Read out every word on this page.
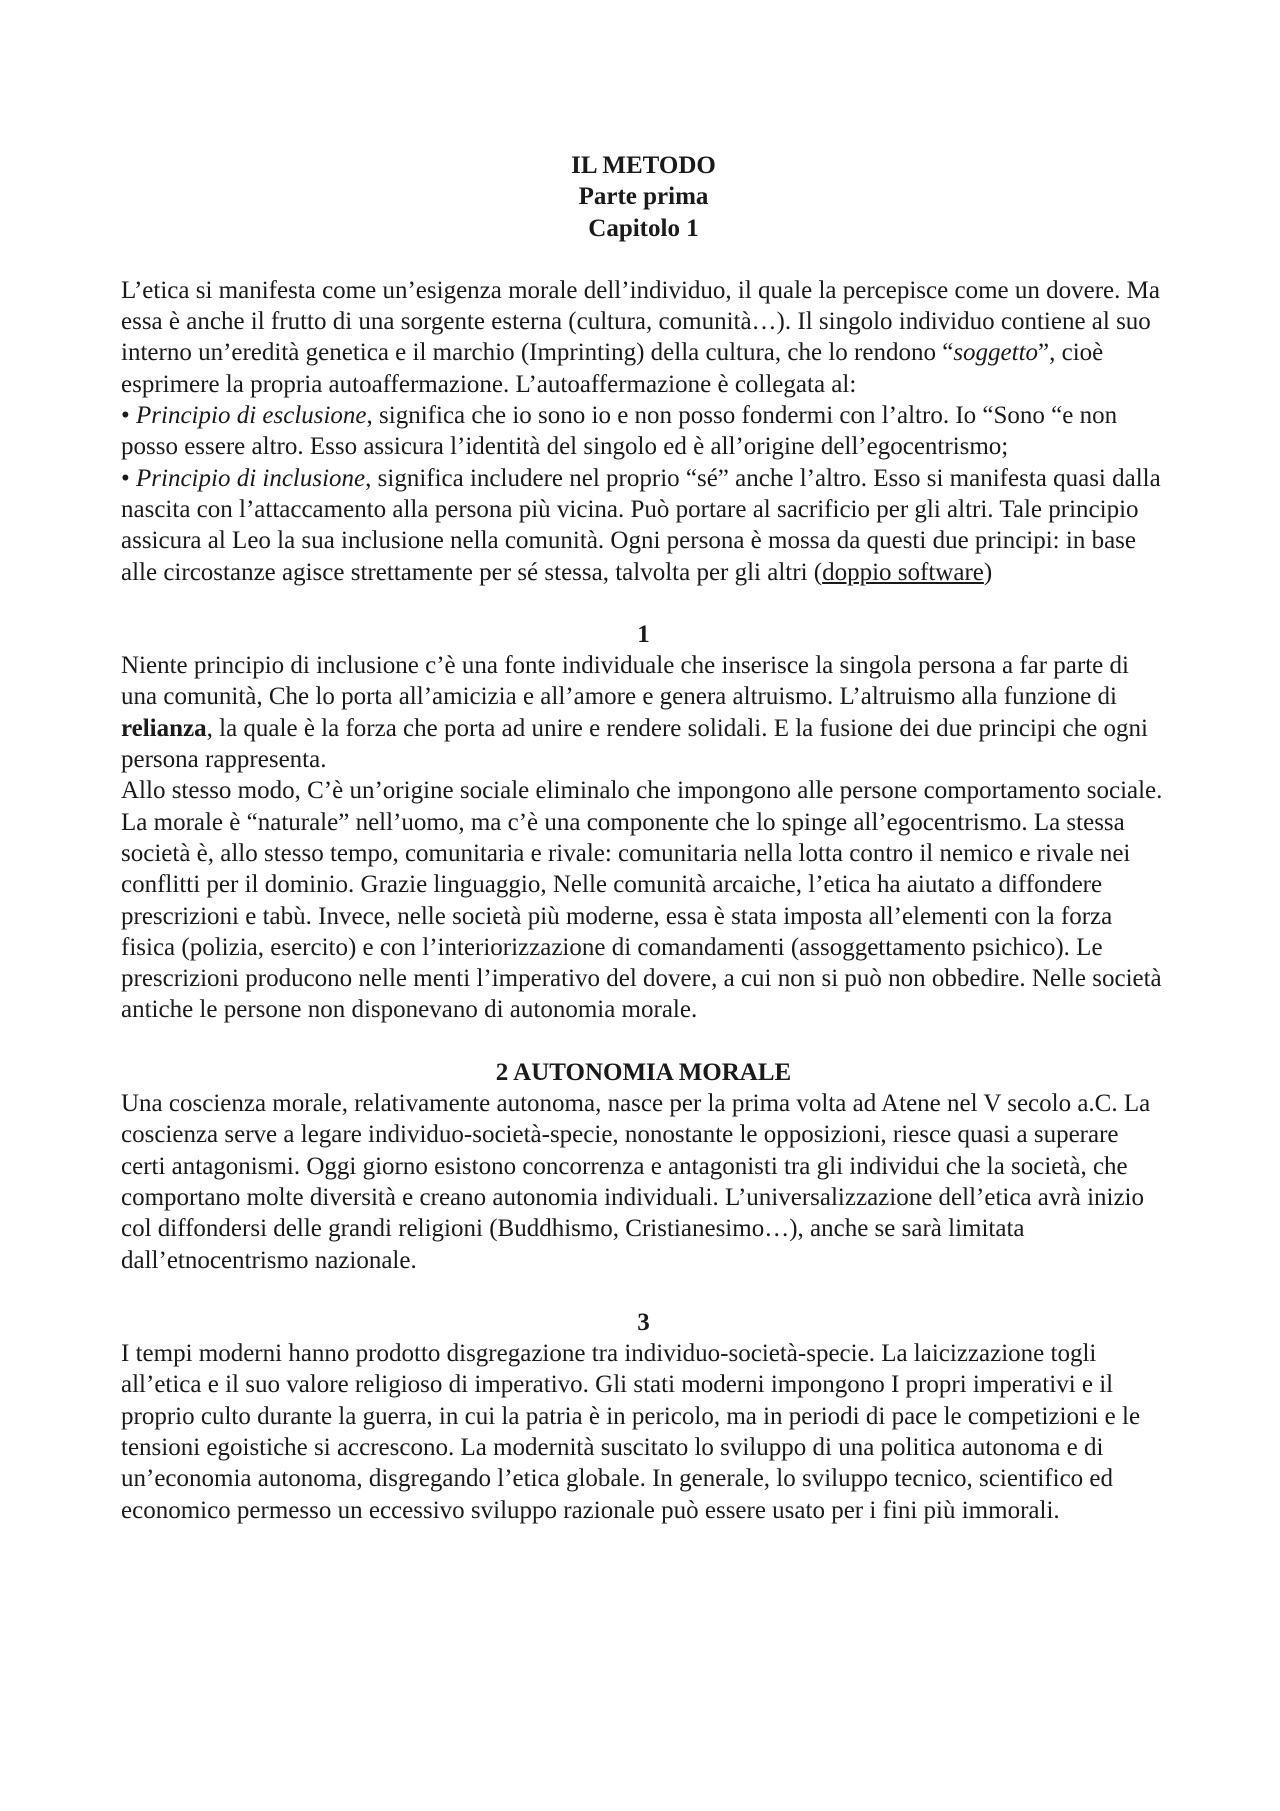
IL METODO
Parte prima
Capitolo 1

L’etica si manifesta come un’esigenza morale dell’individuo, il quale la percepisce come un dovere. Ma essa è anche il frutto di una sorgente esterna (cultura, comunità…). Il singolo individuo contiene al suo interno un’eredità genetica e il marchio (Imprinting) della cultura, che lo rendono “soggetto”, cioè esprimere la propria autoaffermazione. L’autoaffermazione è collegata al:

• Principio di esclusione, significa che io sono io e non posso fondermi con l’altro. Io “Sono “e non posso essere altro. Esso assicura l’identità del singolo ed è all’origine dell’egocentrismo;

• Principio di inclusione, significa includere nel proprio “sé” anche l’altro. Esso si manifesta quasi dalla nascita con l’attaccamento alla persona più vicina. Può portare al sacrificio per gli altri. Tale principio assicura al Leo la sua inclusione nella comunità. Ogni persona è mossa da questi due principi: in base alle circostanze agisce strettamente per sé stessa, talvolta per gli altri (doppio software)

1

Niente principio di inclusione c’è una fonte individuale che inserisce la singola persona a far parte di una comunità, Che lo porta all’amicizia e all’amore e genera altruismo. L’altruismo alla funzione di relianza, la quale è la forza che porta ad unire e rendere solidali. E la fusione dei due principi che ogni persona rappresenta.

Allo stesso modo, C’è un’origine sociale eliminalo che impongono alle persone comportamento sociale. La morale è “naturale” nell’uomo, ma c’è una componente che lo spinge all’egocentrismo. La stessa società è, allo stesso tempo, comunitaria e rivale: comunitaria nella lotta contro il nemico e rivale nei conflitti per il dominio. Grazie linguaggio, Nelle comunità arcaiche, l’etica ha aiutato a diffondere prescrizioni e tabù. Invece, nelle società più moderne, essa è stata imposta all’elementi con la forza fisica (polizia, esercito) e con l’interiorizzazione di comandamenti (assoggettamento psichico). Le prescrizioni producono nelle menti l’imperativo del dovere, a cui non si può non obbedire. Nelle società antiche le persone non disponevano di autonomia morale.

2 AUTONOMIA MORALE

Una coscienza morale, relativamente autonoma, nasce per la prima volta ad Atene nel V secolo a.C. La coscienza serve a legare individuo-società-specie, nonostante le opposizioni, riesce quasi a superare certi antagonismi. Oggi giorno esistono concorrenza e antagonisti tra gli individui che la società, che comportano molte diversità e creano autonomia individuali. L’universalizzazione dell’etica avrà inizio col diffondersi delle grandi religioni (Buddhismo, Cristianesimo…), anche se sarà limitata dall’etnocentrismo nazionale.

3

I tempi moderni hanno prodotto disgregazione tra individuo-società-specie. La laicizzazione togli all’etica e il suo valore religioso di imperativo. Gli stati moderni impongono I propri imperativi e il proprio culto durante la guerra, in cui la patria è in pericolo, ma in periodi di pace le competizioni e le tensioni egoistiche si accrescono. La modernità suscitato lo sviluppo di una politica autonoma e di un’economia autonoma, disgregando l’etica globale. In generale, lo sviluppo tecnico, scientifico ed economico permesso un eccessivo sviluppo razionale può essere usato per i fini più immorali.
